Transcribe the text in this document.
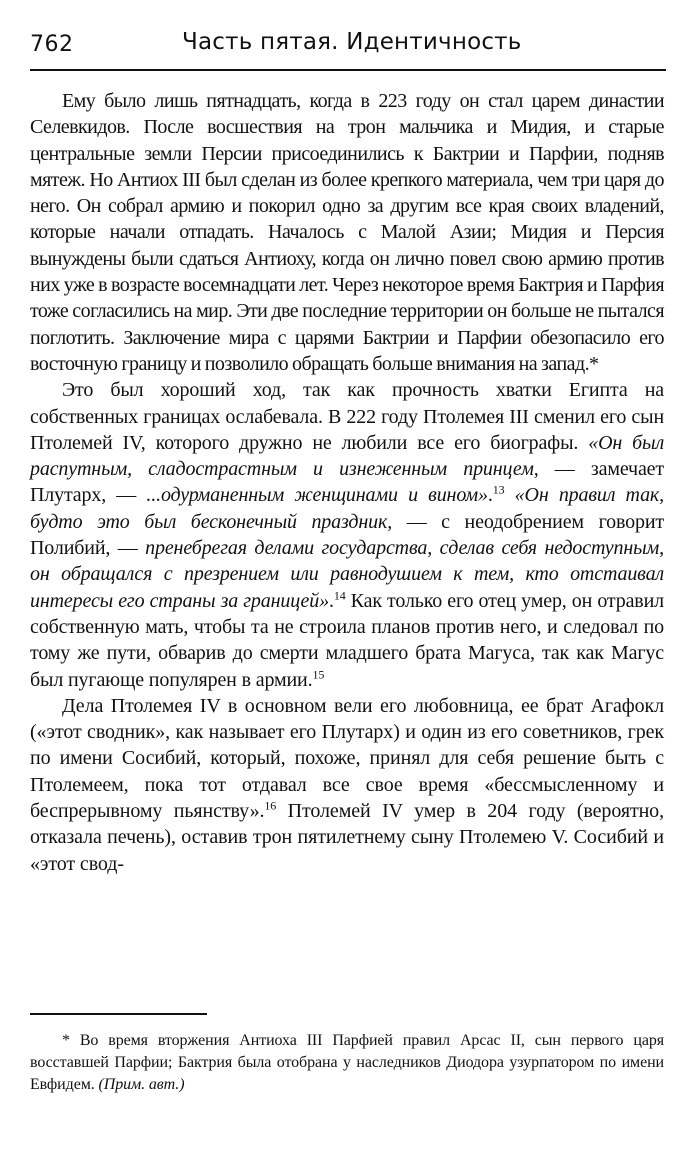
762	Часть пятая. Идентичность

Ему было лишь пятнадцать, когда в 223 году он стал царем династии Селевкидов. После восшествия на трон мальчика и Мидия, и старые центральные земли Персии присоединились к Бактрии и Парфии, подняв мятеж. Но Антиох III был сделан из более крепкого материала, чем три царя до него. Он собрал армию и покорил одно за другим все края своих владений, которые начали отпадать. Началось с Малой Азии; Мидия и Персия вынуждены были сдаться Антиоху, когда он лично повел свою армию против них уже в возрасте восемнадцати лет. Через некоторое время Бактрия и Парфия тоже согласились на мир. Эти две последние территории он больше не пытался поглотить. Заключение мира с царями Бактрии и Парфии обезопасило его восточную границу и позволило обращать больше внимания на запад.*

Это был хороший ход, так как прочность хватки Египта на собственных границах ослабевала. В 222 году Птолемея III сменил его сын Птолемей IV, которого дружно не любили все его биографы. «Он был распутным, сладострастным и изнеженным принцем, — замечает Плутарх, — ...одурманенным женщинами и вином».$^{13}$ «Он правил так, будто это был бесконечный праздник, — с неодобрением говорит Полибий, — пренебрегая делами государства, сделав себя недоступным, он обращался с презрением или равнодушием к тем, кто отстаивал интересы его страны за границей».$^{14}$ Как только его отец умер, он отравил собственную мать, чтобы та не строила планов против него, и следовал по тому же пути, обварив до смерти младшего брата Магуса, так как Магус был пугающе популярен в армии.$^{15}$

Дела Птолемея IV в основном вели его любовница, ее брат Агафокл («этот сводник», как называет его Плутарх) и один из его советников, грек по имени Сосибий, который, похоже, принял для себя решение быть с Птолемеем, пока тот отдавал все свое время «бессмысленному и беспрерывному пьянству».$^{16}$ Птолемей IV умер в 204 году (вероятно, отказала печень), оставив трон пятилетнему сыну Птолемею V. Сосибий и «этот свод-

* Во время вторжения Антиоха III Парфией правил Арсас II, сын первого царя восставшей Парфии; Бактрия была отобрана у наследников Диодора узурпатором по имени Евфидем. (Прим. авт.)
